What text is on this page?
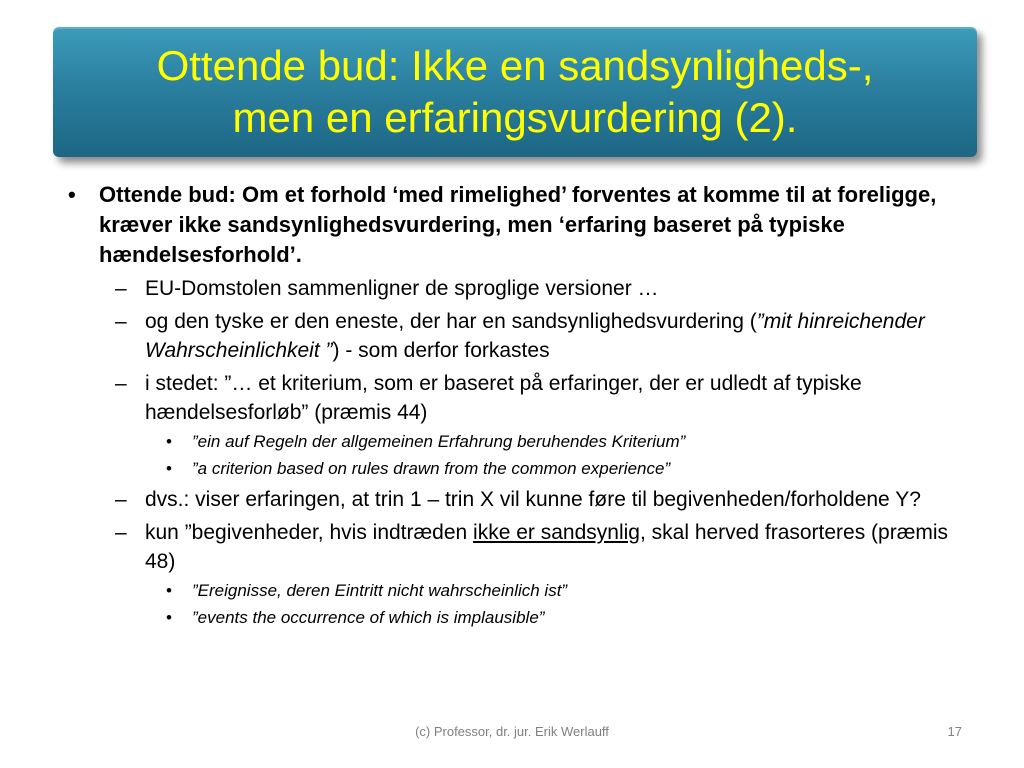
Ottende bud: Ikke en sandsynligheds-,
men en erfaringsvurdering (2).
• Ottende bud: Om et forhold ‘med rimelighed’ forventes at komme til at foreligge, kræver ikke sandsynlighedsvurdering, men ‘erfaring baseret på typiske hændelsesforhold’.
– EU-Domstolen sammenligner de sproglige versioner …
– og den tyske er den eneste, der har en sandsynlighedsvurdering (”mit hinreichender Wahrscheinlichkeit ”) - som derfor forkastes
– i stedet: ”… et kriterium, som er baseret på erfaringer, der er udledt af typiske hændelsesforløb” (præmis 44)
• ”ein auf Regeln der allgemeinen Erfahrung beruhendes Kriterium”
• ”a criterion based on rules drawn from the common experience”
– dvs.: viser erfaringen, at trin 1 – trin X vil kunne føre til begivenheden/forholdene Y?
– kun ”begivenheder, hvis indtræden ikke er sandsynlig, skal herved frasorteres (præmis 48)
• ”Ereignisse, deren Eintritt nicht wahrscheinlich ist”
• ”events the occurrence of which is implausible”
(c) Professor, dr. jur. Erik Werlauff	17
